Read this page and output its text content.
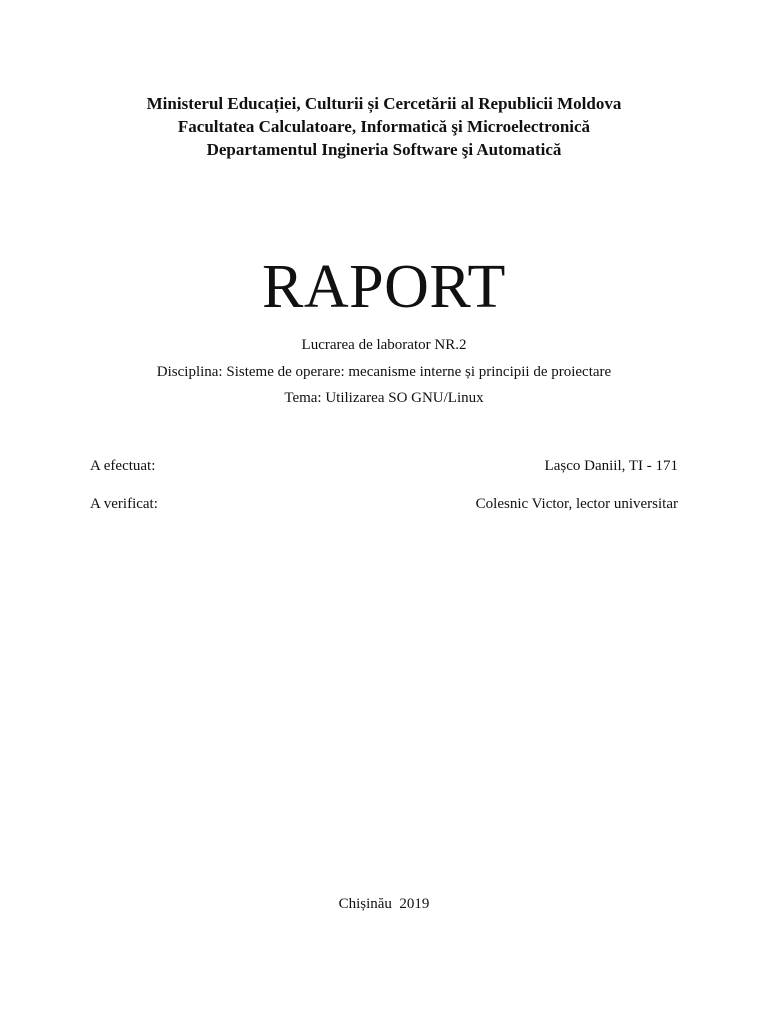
Ministerul Educației, Culturii și Cercetării al Republicii Moldova
Facultatea Calculatoare, Informatică şi Microelectronică
Departamentul Ingineria Software şi Automatică
RAPORT
Lucrarea de laborator NR.2
Disciplina: Sisteme de operare: mecanisme interne și principii de proiectare
Tema: Utilizarea SO GNU/Linux
A efectuat:	Lașco Daniil, TI - 171
A verificat:	Colesnic Victor, lector universitar
Chișinău  2019
